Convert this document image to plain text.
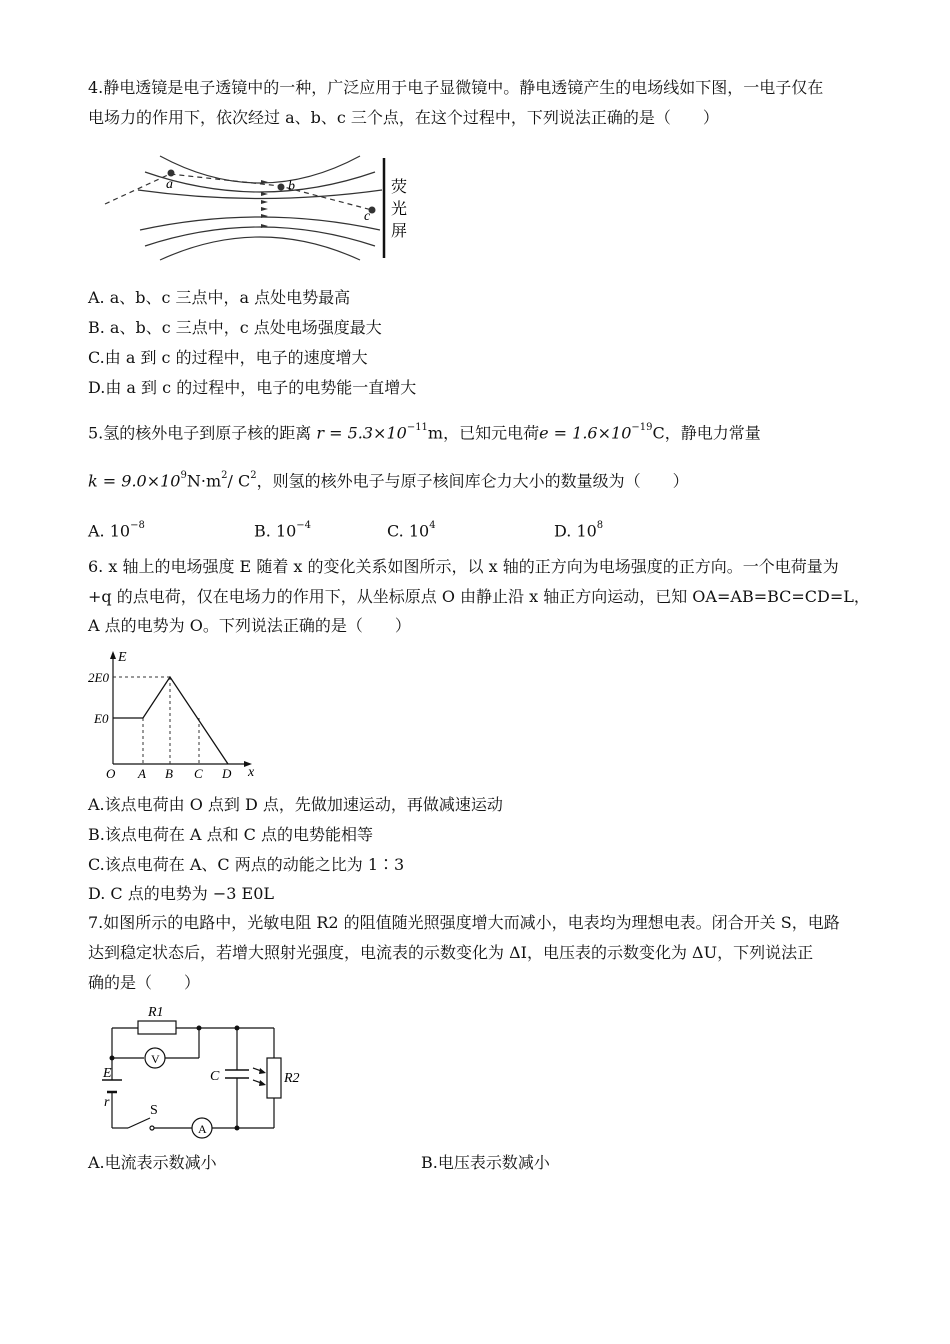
4.静电透镜是电子透镜中的一种，广泛应用于电子显微镜中。静电透镜产生的电场线如下图，一电子仅在
电场力的作用下，依次经过 a、b、c 三个点，在这个过程中，下列说法正确的是（　　）
a	b
c
荧
光
屏
A. a、b、c 三点中，a 点处电势最高
B. a、b、c 三点中，c 点处电场强度最大
C.由 a 到 c 的过程中，电子的速度增大
D.由 a 到 c 的过程中，电子的电势能一直增大
5.氢的核外电子到原子核的距离 $r = 5.3\times 10^{-11}m$，已知元电荷$e = 1.6\times 10^{-19}C$，静电力常量
$k = 9.0\times 10^9N\cdot m^2/$ $C^2$，则氢的核外电子与原子核间库仑力大小的数量级为（　　）
A. $10^{-8}$	B. $10^{-4}$	C. $10^4$	D. $10^8$
6. x 轴上的电场强度 E 随着 x 的变化关系如图所示，以 x 轴的正方向为电场强度的正方向。一个电荷量为
+q 的点电荷，仅在电场力的作用下，从坐标原点 O 由静止沿 x 轴正方向运动，已知 OA=AB=BC=CD=L，
A 点的电势为 O。下列说法正确的是（　　）
E
x
2E0
E0
O A B C D
A.该点电荷由 O 点到 D 点，先做加速运动，再做减速运动
B.该点电荷在 A 点和 C 点的电势能相等
C.该点电荷在 A、C 两点的动能之比为 1∶3
D. C 点的电势为 −3 E0L
7.如图所示的电路中，光敏电阻 R2 的阻值随光照强度增大而减小，电表均为理想电表。闭合开关 S，电路
达到稳定状态后，若增大照射光强度，电流表的示数变化为 ΔI，电压表的示数变化为 ΔU，下列说法正
确的是（　　）
R1
V
E
r
C	R2
S
A
A.电流表示数减小	B.电压表示数减小
